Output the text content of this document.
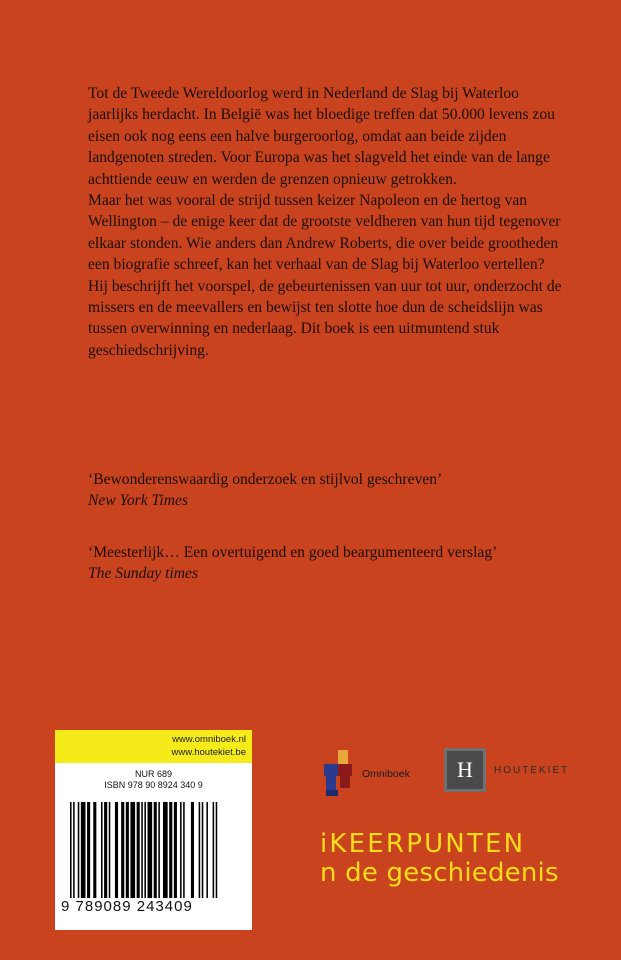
Tot de Tweede Wereldoorlog werd in Nederland de Slag bij Waterloo jaarlijks herdacht. In België was het bloedige treffen dat 50.000 levens zou eisen ook nog eens een halve burgeroorlog, omdat aan beide zijden landgenoten streden. Voor Europa was het slagveld het einde van de lange achttiende eeuw en werden de grenzen opnieuw getrokken.

Maar het was vooral de strijd tussen keizer Napoleon en de hertog van Wellington – de enige keer dat de grootste veldheren van hun tijd tegenover elkaar stonden. Wie anders dan Andrew Roberts, die over beide grootheden een biografie schreef, kan het verhaal van de Slag bij Waterloo vertellen?

Hij beschrijft het voorspel, de gebeurtenissen van uur tot uur, onderzocht de missers en de meevallers en bewijst ten slotte hoe dun de scheidslijn was tussen overwinning en nederlaag. Dit boek is een uitmuntend stuk geschiedschrijving.

‘Bewonderenswaardig onderzoek en stijlvol geschreven’
New York Times
‘Meesterlijk… Een overtuigend en goed beargumenteerd verslag’
The Sunday times
www.omniboek.nl
www.houtekiet.be
NUR 689
ISBN 978 90 8924 340 9
9 789089 243409
Omniboek	H	HOUTEKIET
iKEERPUNTEN
n de geschiedenis
